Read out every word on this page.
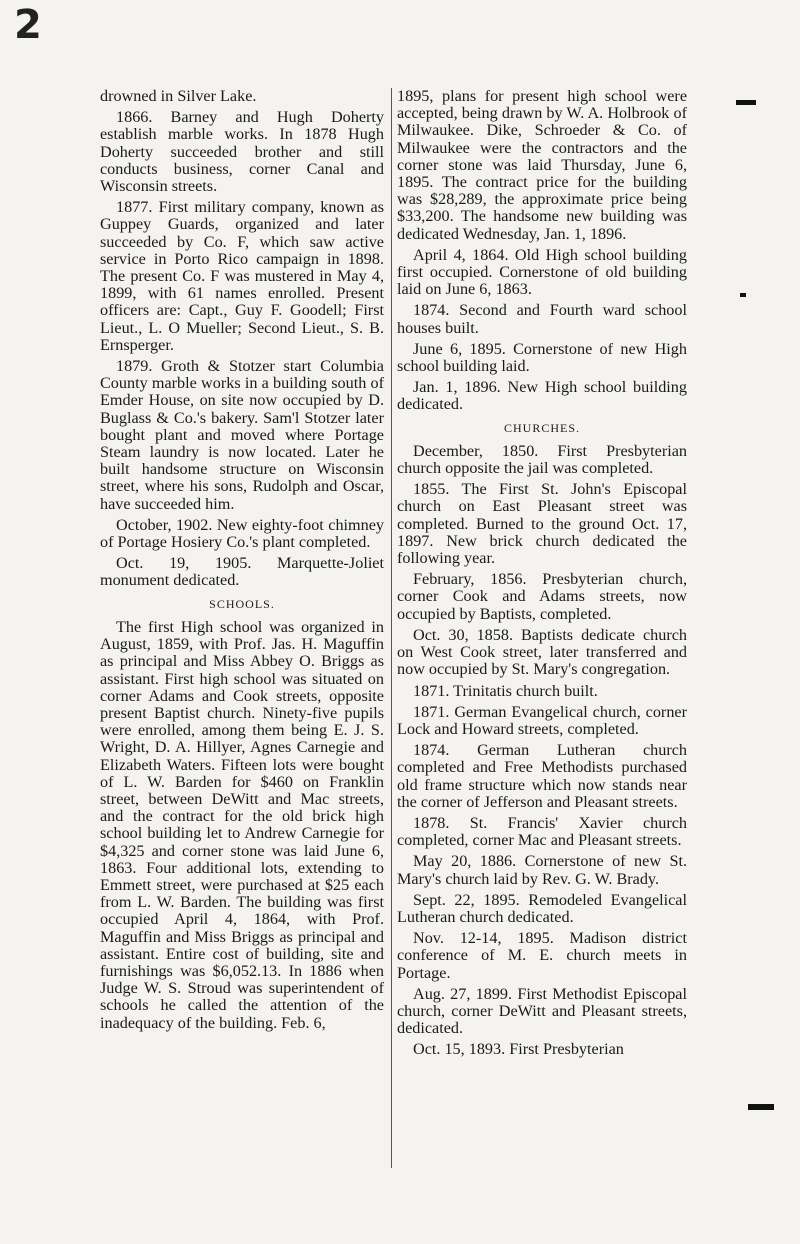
2

drowned in Silver Lake.

1866. Barney and Hugh Doherty establish marble works. In 1878 Hugh Doherty succeeded brother and still conducts business, corner Canal and Wisconsin streets.

1877. First military company, known as Guppey Guards, organized and later succeeded by Co. F, which saw active service in Porto Rico campaign in 1898. The present Co. F was mustered in May 4, 1899, with 61 names enrolled. Present officers are: Capt., Guy F. Goodell; First Lieut., L. O Mueller; Second Lieut., S. B. Ernsperger.

1879. Groth & Stotzer start Columbia County marble works in a building south of Emder House, on site now occupied by D. Buglass & Co.'s bakery. Sam'l Stotzer later bought plant and moved where Portage Steam laundry is now located. Later he built handsome structure on Wisconsin street, where his sons, Rudolph and Oscar, have succeeded him.

October, 1902. New eighty-foot chimney of Portage Hosiery Co.'s plant completed.

Oct. 19, 1905. Marquette-Joliet monument dedicated.

SCHOOLS.

The first High school was organized in August, 1859, with Prof. Jas. H. Maguffin as principal and Miss Abbey O. Briggs as assistant. First high school was situated on corner Adams and Cook streets, opposite present Baptist church. Ninety-five pupils were enrolled, among them being E. J. S. Wright, D. A. Hillyer, Agnes Carnegie and Elizabeth Waters. Fifteen lots were bought of L. W. Barden for $460 on Franklin street, between DeWitt and Mac streets, and the contract for the old brick high school building let to Andrew Carnegie for $4,325 and corner stone was laid June 6, 1863. Four additional lots, extending to Emmett street, were purchased at $25 each from L. W. Barden. The building was first occupied April 4, 1864, with Prof. Maguffin and Miss Briggs as principal and assistant. Entire cost of building, site and furnishings was $6,052.13. In 1886 when Judge W. S. Stroud was superintendent of schools he called the attention of the inadequacy of the building. Feb. 6,

1895, plans for present high school were accepted, being drawn by W. A. Holbrook of Milwaukee. Dike, Schroeder & Co. of Milwaukee were the contractors and the corner stone was laid Thursday, June 6, 1895. The contract price for the building was $28,289, the approximate price being $33,200. The handsome new building was dedicated Wednesday, Jan. 1, 1896.

April 4, 1864. Old High school building first occupied. Cornerstone of old building laid on June 6, 1863.

1874. Second and Fourth ward school houses built.

June 6, 1895. Cornerstone of new High school building laid.

Jan. 1, 1896. New High school building dedicated.

CHURCHES.

December, 1850. First Presbyterian church opposite the jail was completed.

1855. The First St. John's Episcopal church on East Pleasant street was completed. Burned to the ground Oct. 17, 1897. New brick church dedicated the following year.

February, 1856. Presbyterian church, corner Cook and Adams streets, now occupied by Baptists, completed.

Oct. 30, 1858. Baptists dedicate church on West Cook street, later transferred and now occupied by St. Mary's congregation.

1871. Trinitatis church built.

1871. German Evangelical church, corner Lock and Howard streets, completed.

1874. German Lutheran church completed and Free Methodists purchased old frame structure which now stands near the corner of Jefferson and Pleasant streets.

1878. St. Francis' Xavier church completed, corner Mac and Pleasant streets.

May 20, 1886. Cornerstone of new St. Mary's church laid by Rev. G. W. Brady.

Sept. 22, 1895. Remodeled Evangelical Lutheran church dedicated.

Nov. 12-14, 1895. Madison district conference of M. E. church meets in Portage.

Aug. 27, 1899. First Methodist Episcopal church, corner DeWitt and Pleasant streets, dedicated.

Oct. 15, 1893. First Presbyterian
